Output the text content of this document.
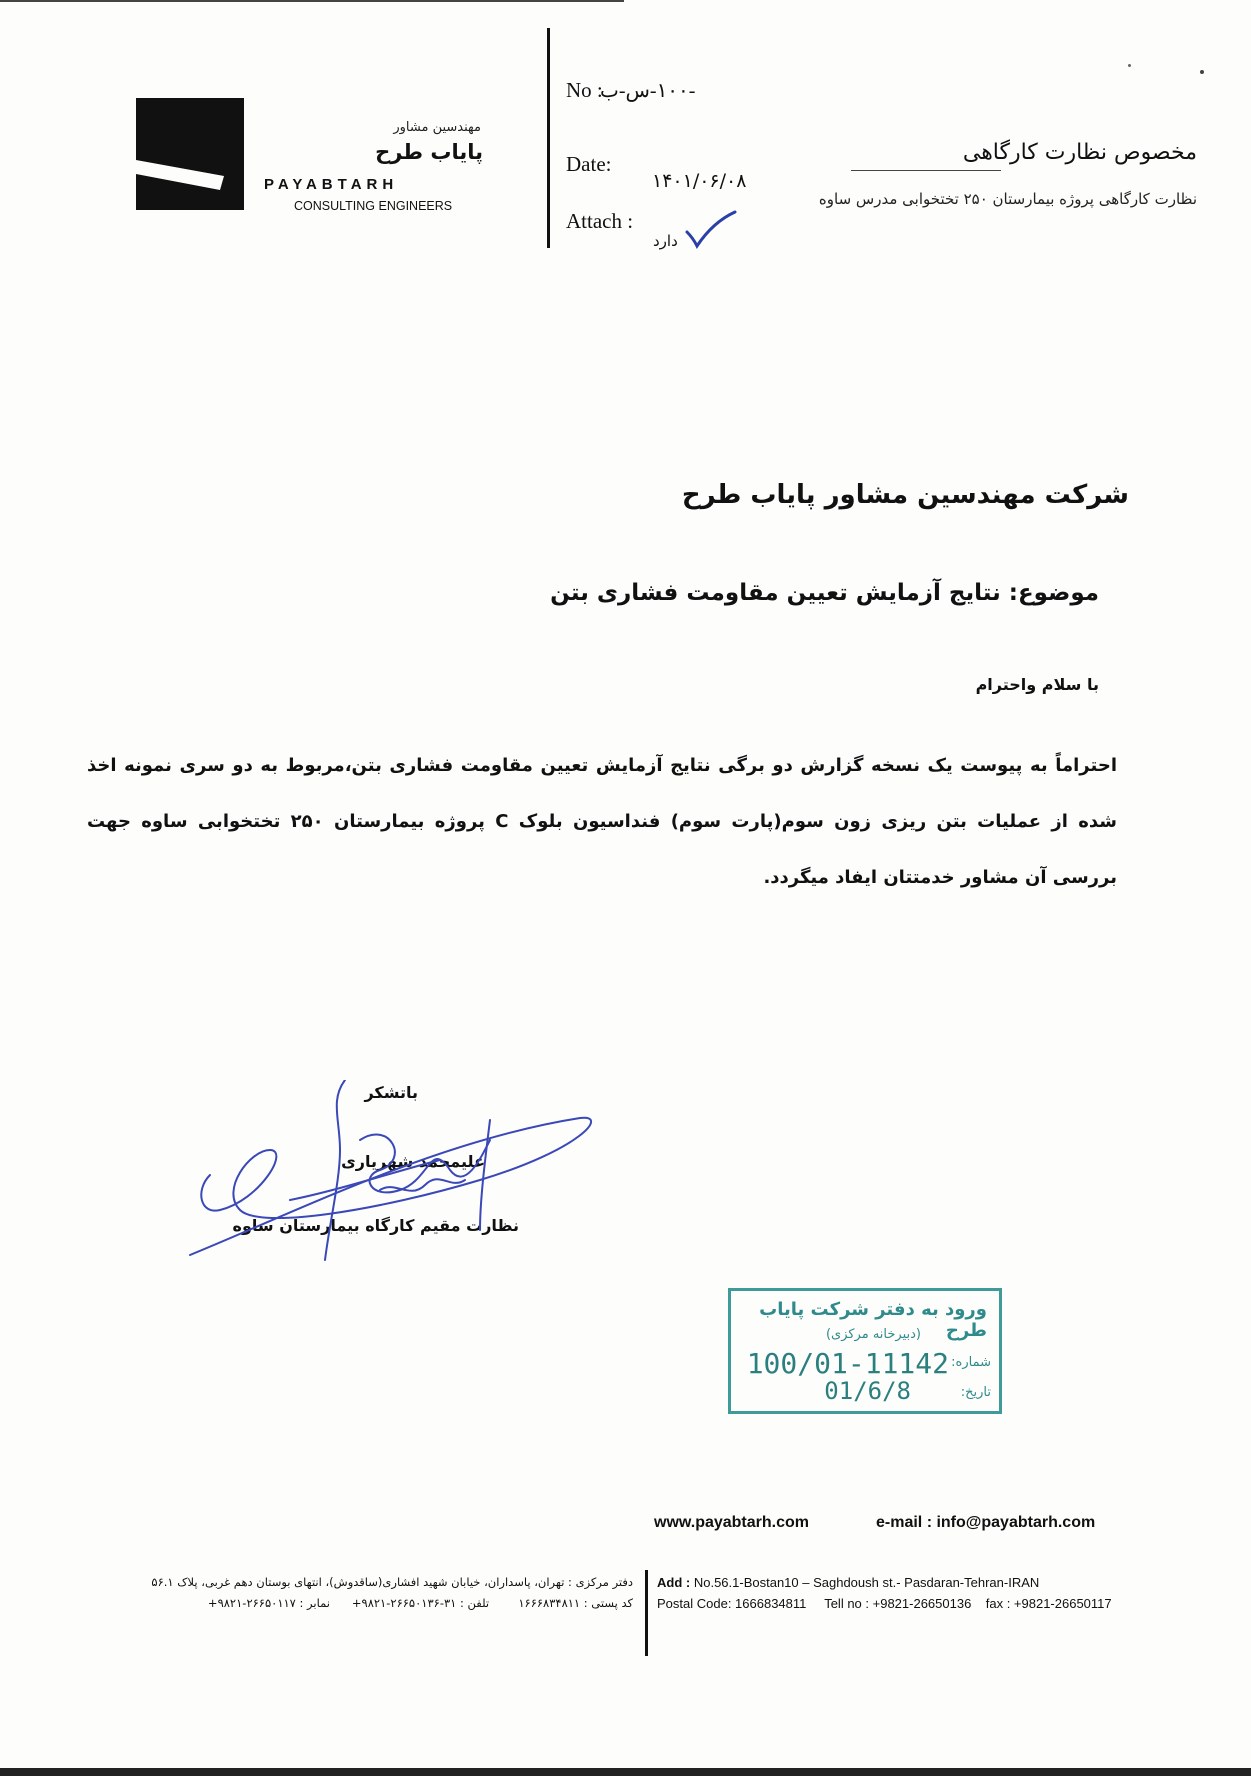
مهندسین مشاور
پایاب طرح
PAYABTARH
CONSULTING ENGINEERS
No :
-۱۰۰-س-ب
Date:
۱۴۰۱/۰۶/۰۸
Attach :
دارد
مخصوص نظارت کارگاهی
نظارت کارگاهی پروژه بیمارستان ۲۵۰ تختخوابی مدرس ساوه
شرکت مهندسین مشاور پایاب طرح
موضوع: نتایج آزمایش تعیین مقاومت فشاری بتن
با سلام واحترام
احتراماً به پیوست یک نسخه گزارش دو برگی نتایج آزمایش تعیین مقاومت فشاری بتن،مربوط به دو سری نمونه اخذ شده از عملیات بتن ریزی زون سوم(پارت سوم) فنداسیون بلوک C پروژه بیمارستان ۲۵۰ تختخوابی ساوه جهت بررسی آن مشاور خدمتتان ایفاد میگردد.
باتشکر
علیمحمد شهریاری
نظارت مقیم کارگاه بیمارستان ساوه
ورود به دفتر شرکت پایاب طرح
(دبیرخانه مرکزی)
شماره:
100/01-11142
تاریخ:
01/6/8
www.payabtarh.com	e-mail : info@payabtarh.com
Add : No.56.1-Bostan10 – Saghdoush st.- Pasdaran-Tehran-IRAN
Postal Code: 1666834811     Tell no : +9821-26650136    fax : +9821-26650117
دفتر مرکزی : تهران، پاسداران، خیابان شهید افشاری(ساقدوش)، انتهای بوستان دهم غربی، پلاک ۵۶.۱
کد پستی : ۱۶۶۶۸۳۴۸۱۱        تلفن : ۳۱-۲۶۶۵۰۱۳۶-۹۸۲۱+      نمابر : ۲۶۶۵۰۱۱۷-۹۸۲۱+
